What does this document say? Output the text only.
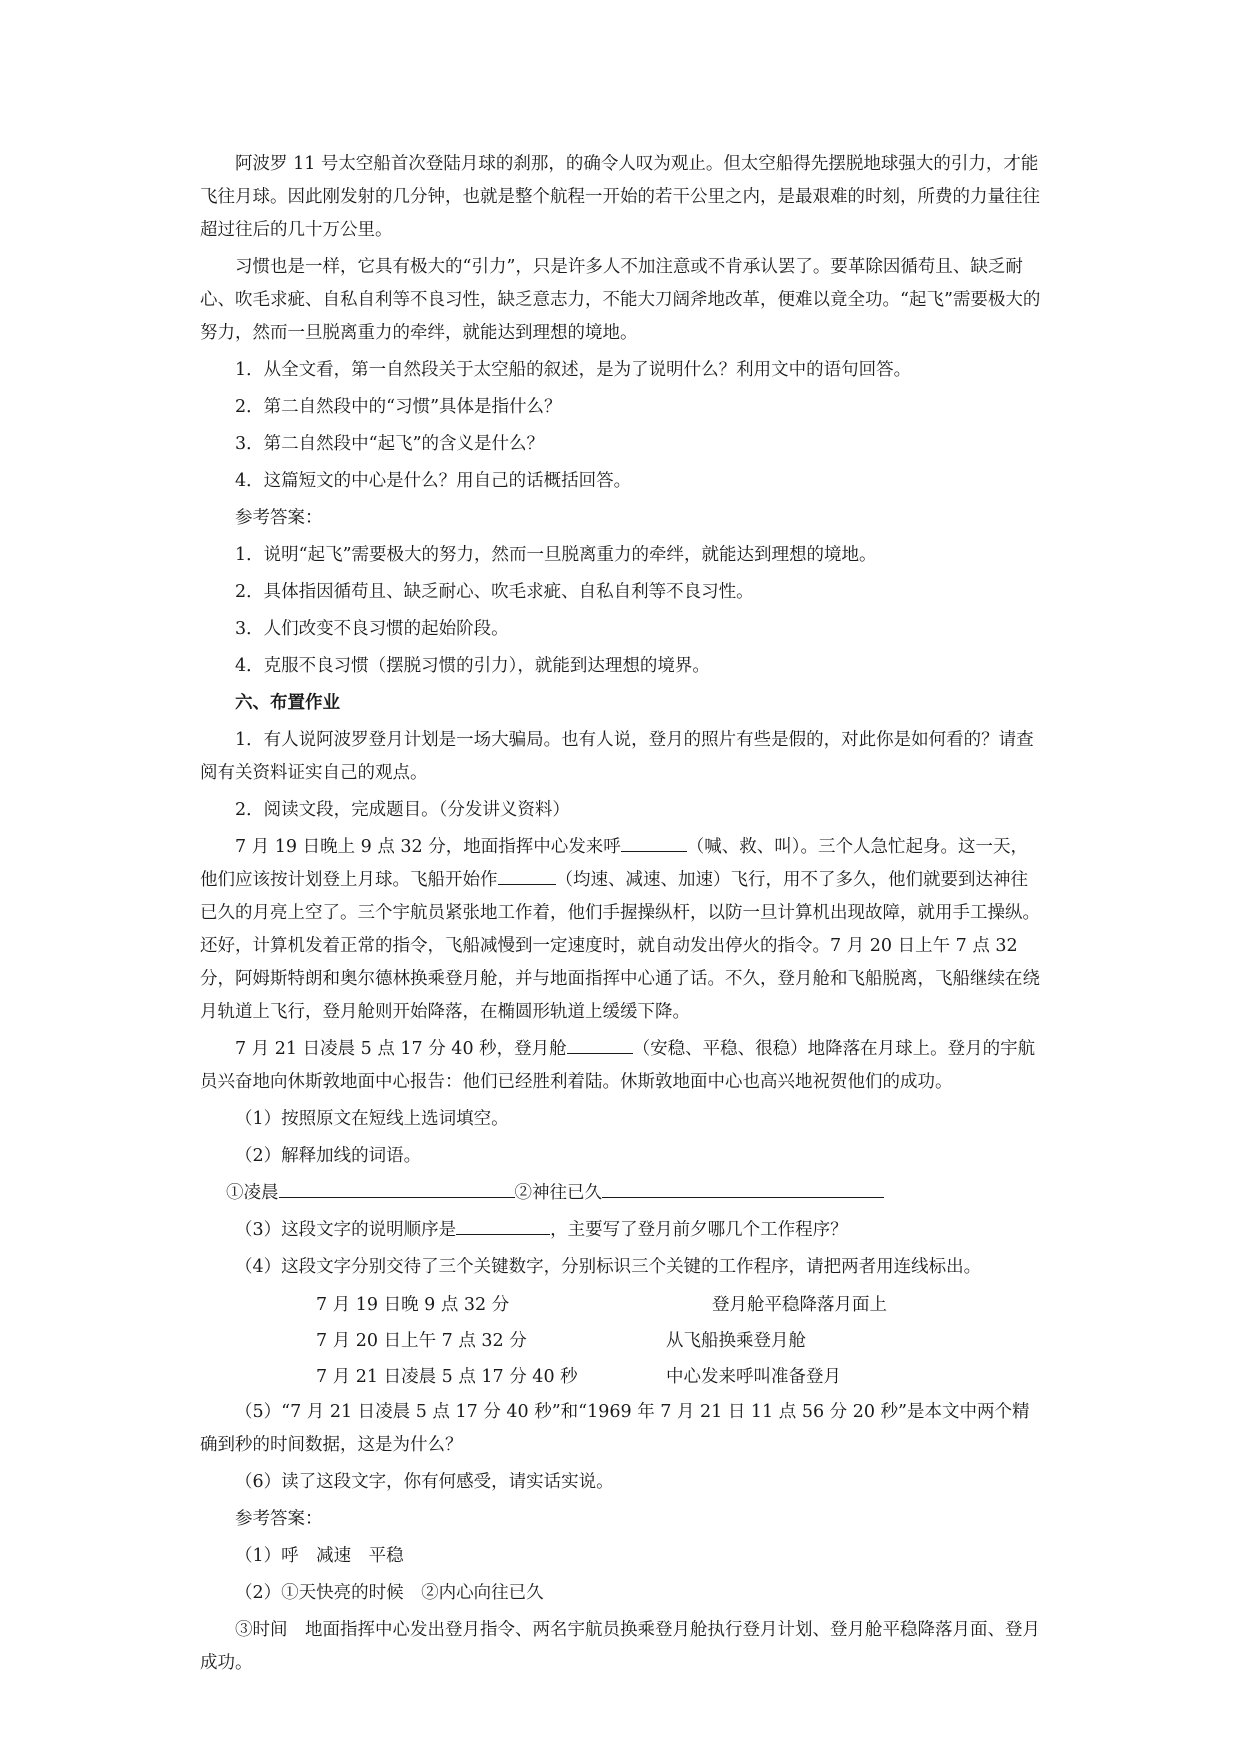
阿波罗 11 号太空船首次登陆月球的刹那，的确令人叹为观止。但太空船得先摆脱地球强大的引力，才能飞往月球。因此刚发射的几分钟，也就是整个航程一开始的若干公里之内，是最艰难的时刻，所费的力量往往超过往后的几十万公里。

习惯也是一样，它具有极大的“引力”，只是许多人不加注意或不肯承认罢了。要革除因循苟且、缺乏耐心、吹毛求疵、自私自利等不良习性，缺乏意志力，不能大刀阔斧地改革，便难以竟全功。“起飞”需要极大的努力，然而一旦脱离重力的牵绊，就能达到理想的境地。

1．从全文看，第一自然段关于太空船的叙述，是为了说明什么？利用文中的语句回答。

2．第二自然段中的“习惯”具体是指什么？

3．第二自然段中“起飞”的含义是什么？

4．这篇短文的中心是什么？用自己的话概括回答。

参考答案：

1．说明“起飞”需要极大的努力，然而一旦脱离重力的牵绊，就能达到理想的境地。

2．具体指因循苟且、缺乏耐心、吹毛求疵、自私自利等不良习性。

3．人们改变不良习惯的起始阶段。

4．克服不良习惯（摆脱习惯的引力），就能到达理想的境界。

六、布置作业

1．有人说阿波罗登月计划是一场大骗局。也有人说，登月的照片有些是假的，对此你是如何看的？请查阅有关资料证实自己的观点。

2．阅读文段，完成题目。（分发讲义资料）

7 月 19 日晚上 9 点 32 分，地面指挥中心发来呼	（喊、救、叫）。三个人急忙起身。这一天，他们应该按计划登上月球。飞船开始作	（均速、减速、加速）飞行，用不了多久，他们就要到达神往已久的月亮上空了。三个宇航员紧张地工作着，他们手握操纵杆，以防一旦计算机出现故障，就用手工操纵。还好，计算机发着正常的指令，飞船减慢到一定速度时，就自动发出停火的指令。7 月 20 日上午 7 点 32 分，阿姆斯特朗和奥尔德林换乘登月舱，并与地面指挥中心通了话。不久，登月舱和飞船脱离，飞船继续在绕月轨道上飞行，登月舱则开始降落，在椭圆形轨道上缓缓下降。

7 月 21 日凌晨 5 点 17 分 40 秒，登月舱	（安稳、平稳、很稳）地降落在月球上。登月的宇航员兴奋地向休斯敦地面中心报告：他们已经胜利着陆。休斯敦地面中心也高兴地祝贺他们的成功。

（1）按照原文在短线上选词填空。

（2）解释加线的词语。

①凌晨	②神往已久

（3）这段文字的说明顺序是	，主要写了登月前夕哪几个工作程序？

（4）这段文字分别交待了三个关键数字，分别标识三个关键的工作程序，请把两者用连线标出。

7 月 19 日晚 9 点 32 分	登月舱平稳降落月面上
7 月 20 日上午 7 点 32 分	从飞船换乘登月舱
7 月 21 日凌晨 5 点 17 分 40 秒	中心发来呼叫准备登月

（5）“7 月 21 日凌晨 5 点 17 分 40 秒”和“1969 年 7 月 21 日 11 点 56 分 20 秒”是本文中两个精确到秒的时间数据，这是为什么？

（6）读了这段文字，你有何感受，请实话实说。

参考答案：

（1）呼　减速　平稳

（2）①天快亮的时候　②内心向往已久

③时间　地面指挥中心发出登月指令、两名宇航员换乘登月舱执行登月计划、登月舱平稳降落月面、登月成功。
